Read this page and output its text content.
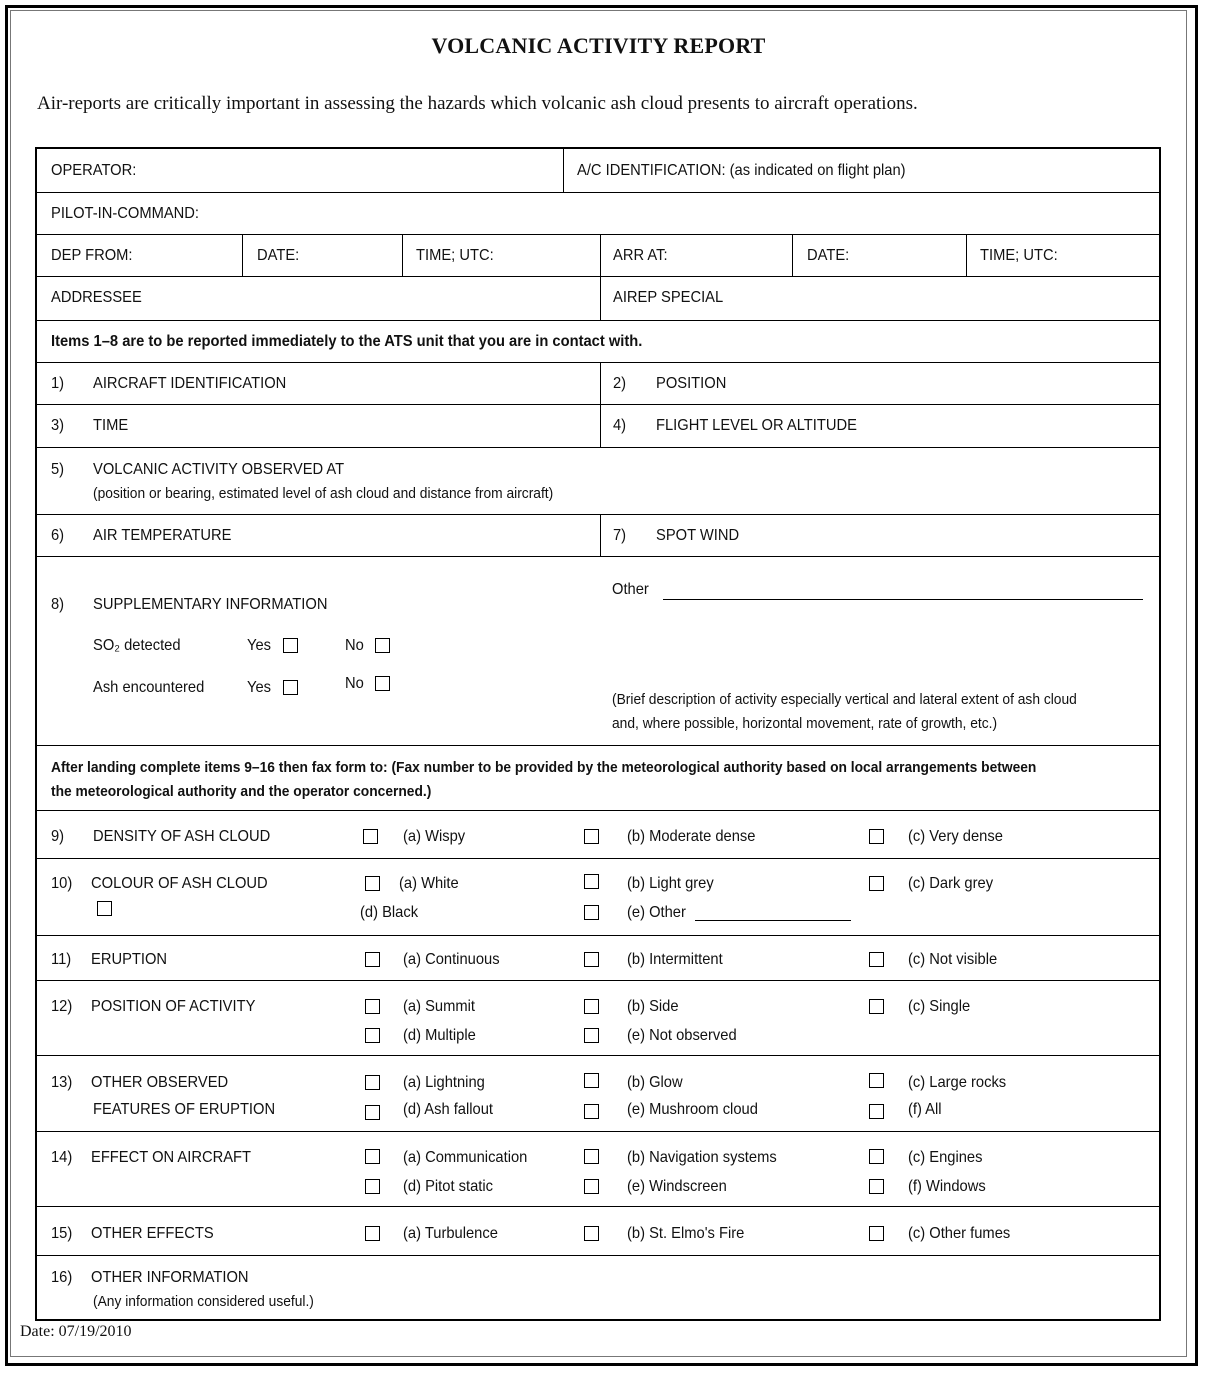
VOLCANIC ACTIVITY REPORT
Air-reports are critically important in assessing the hazards which volcanic ash cloud presents to aircraft operations.
OPERATOR:	A/C IDENTIFICATION: (as indicated on flight plan)
PILOT-IN-COMMAND:
DEP FROM:	DATE:	TIME; UTC:	ARR AT:	DATE:	TIME; UTC:
ADDRESSEE	AIREP SPECIAL
Items 1–8 are to be reported immediately to the ATS unit that you are in contact with.
1) AIRCRAFT IDENTIFICATION	2) POSITION
3) TIME	4) FLIGHT LEVEL OR ALTITUDE
5) VOLCANIC ACTIVITY OBSERVED AT
(position or bearing, estimated level of ash cloud and distance from aircraft)
6) AIR TEMPERATURE	7) SPOT WIND
8) SUPPLEMENTARY INFORMATION
SO₂ detected	Yes	No
Ash encountered	Yes	No
Other
(Brief description of activity especially vertical and lateral extent of ash cloud
and, where possible, horizontal movement, rate of growth, etc.)
After landing complete items 9–16 then fax form to: (Fax number to be provided by the meteorological authority based on local arrangements between
the meteorological authority and the operator concerned.)
9) DENSITY OF ASH CLOUD	(a) Wispy	(b) Moderate dense	(c) Very dense
10) COLOUR OF ASH CLOUD	(a) White	(b) Light grey	(c) Dark grey
(d) Black	(e) Other
11) ERUPTION	(a) Continuous	(b) Intermittent	(c) Not visible
12) POSITION OF ACTIVITY	(a) Summit	(b) Side	(c) Single
(d) Multiple	(e) Not observed
13) OTHER OBSERVED
FEATURES OF ERUPTION
(a) Lightning	(b) Glow	(c) Large rocks
(d) Ash fallout	(e) Mushroom cloud	(f) All
14) EFFECT ON AIRCRAFT	(a) Communication	(b) Navigation systems	(c) Engines
(d) Pitot static	(e) Windscreen	(f) Windows
15) OTHER EFFECTS	(a) Turbulence	(b) St. Elmo's Fire	(c) Other fumes
16) OTHER INFORMATION
(Any information considered useful.)
Date: 07/19/2010
